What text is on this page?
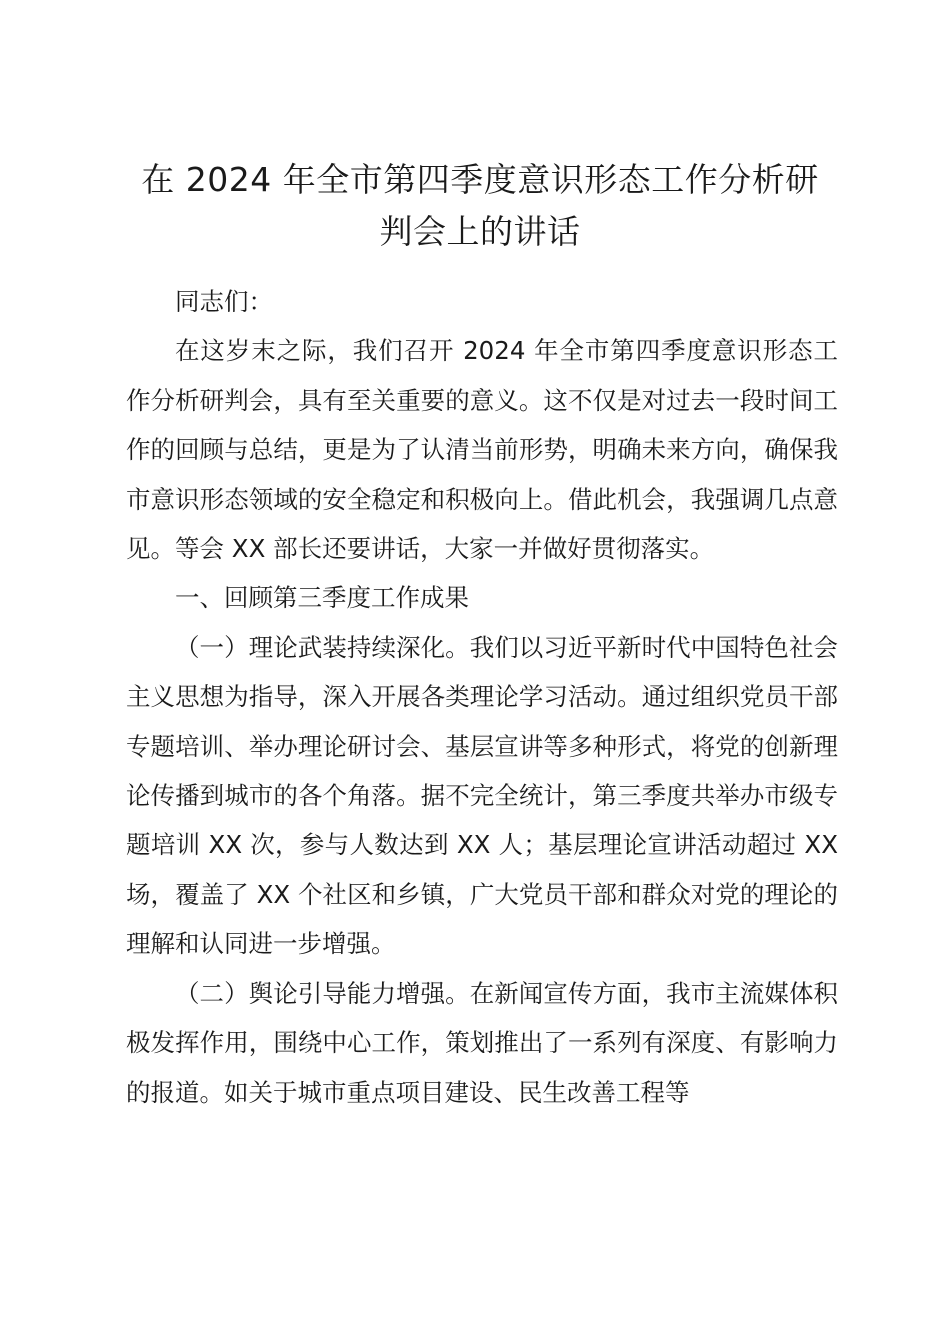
在 2024 年全市第四季度意识形态工作分析研判会上的讲话

同志们：

在这岁末之际，我们召开 2024 年全市第四季度意识形态工作分析研判会，具有至关重要的意义。这不仅是对过去一段时间工作的回顾与总结，更是为了认清当前形势，明确未来方向，确保我市意识形态领域的安全稳定和积极向上。借此机会，我强调几点意见。等会 XX 部长还要讲话，大家一并做好贯彻落实。

一、回顾第三季度工作成果

（一）理论武装持续深化。我们以习近平新时代中国特色社会主义思想为指导，深入开展各类理论学习活动。通过组织党员干部专题培训、举办理论研讨会、基层宣讲等多种形式，将党的创新理论传播到城市的各个角落。据不完全统计，第三季度共举办市级专题培训 XX 次，参与人数达到 XX 人；基层理论宣讲活动超过 XX 场，覆盖了 XX 个社区和乡镇，广大党员干部和群众对党的理论的理解和认同进一步增强。

（二）舆论引导能力增强。在新闻宣传方面，我市主流媒体积极发挥作用，围绕中心工作，策划推出了一系列有深度、有影响力的报道。如关于城市重点项目建设、民生改善工程等
